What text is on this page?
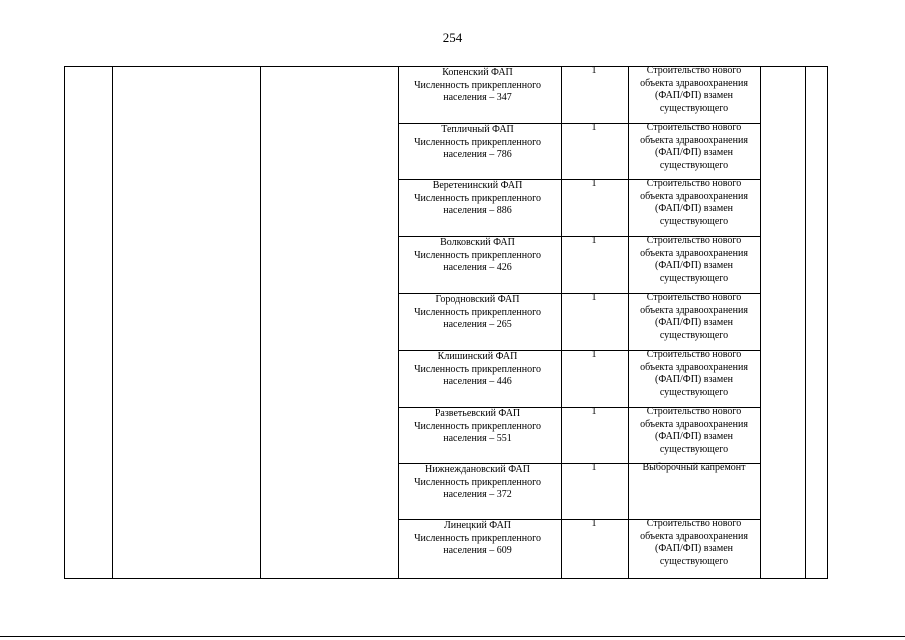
254
Копенский ФАП
Численность прикрепленного
населения – 347
1	Строительство нового
объекта здравоохранения
(ФАП/ФП) взамен
существующего
Тепличный ФАП
Численность прикрепленного
населения – 786
1	Строительство нового
объекта здравоохранения
(ФАП/ФП) взамен
существующего
Веретенинский ФАП
Численность прикрепленного
населения – 886
1	Строительство нового
объекта здравоохранения
(ФАП/ФП) взамен
существующего
Волковский ФАП
Численность прикрепленного
населения – 426
1	Строительство нового
объекта здравоохранения
(ФАП/ФП) взамен
существующего
Городновский ФАП
Численность прикрепленного
населения – 265
1	Строительство нового
объекта здравоохранения
(ФАП/ФП) взамен
существующего
Клишинский ФАП
Численность прикрепленного
населения – 446
1	Строительство нового
объекта здравоохранения
(ФАП/ФП) взамен
существующего
Разветьевский ФАП
Численность прикрепленного
населения – 551
1	Строительство нового
объекта здравоохранения
(ФАП/ФП) взамен
существующего
Нижнеждановский ФАП
Численность прикрепленного
населения – 372
1	Выборочный капремонт
Линецкий ФАП
Численность прикрепленного
населения – 609
1	Строительство нового
объекта здравоохранения
(ФАП/ФП) взамен
существующего
